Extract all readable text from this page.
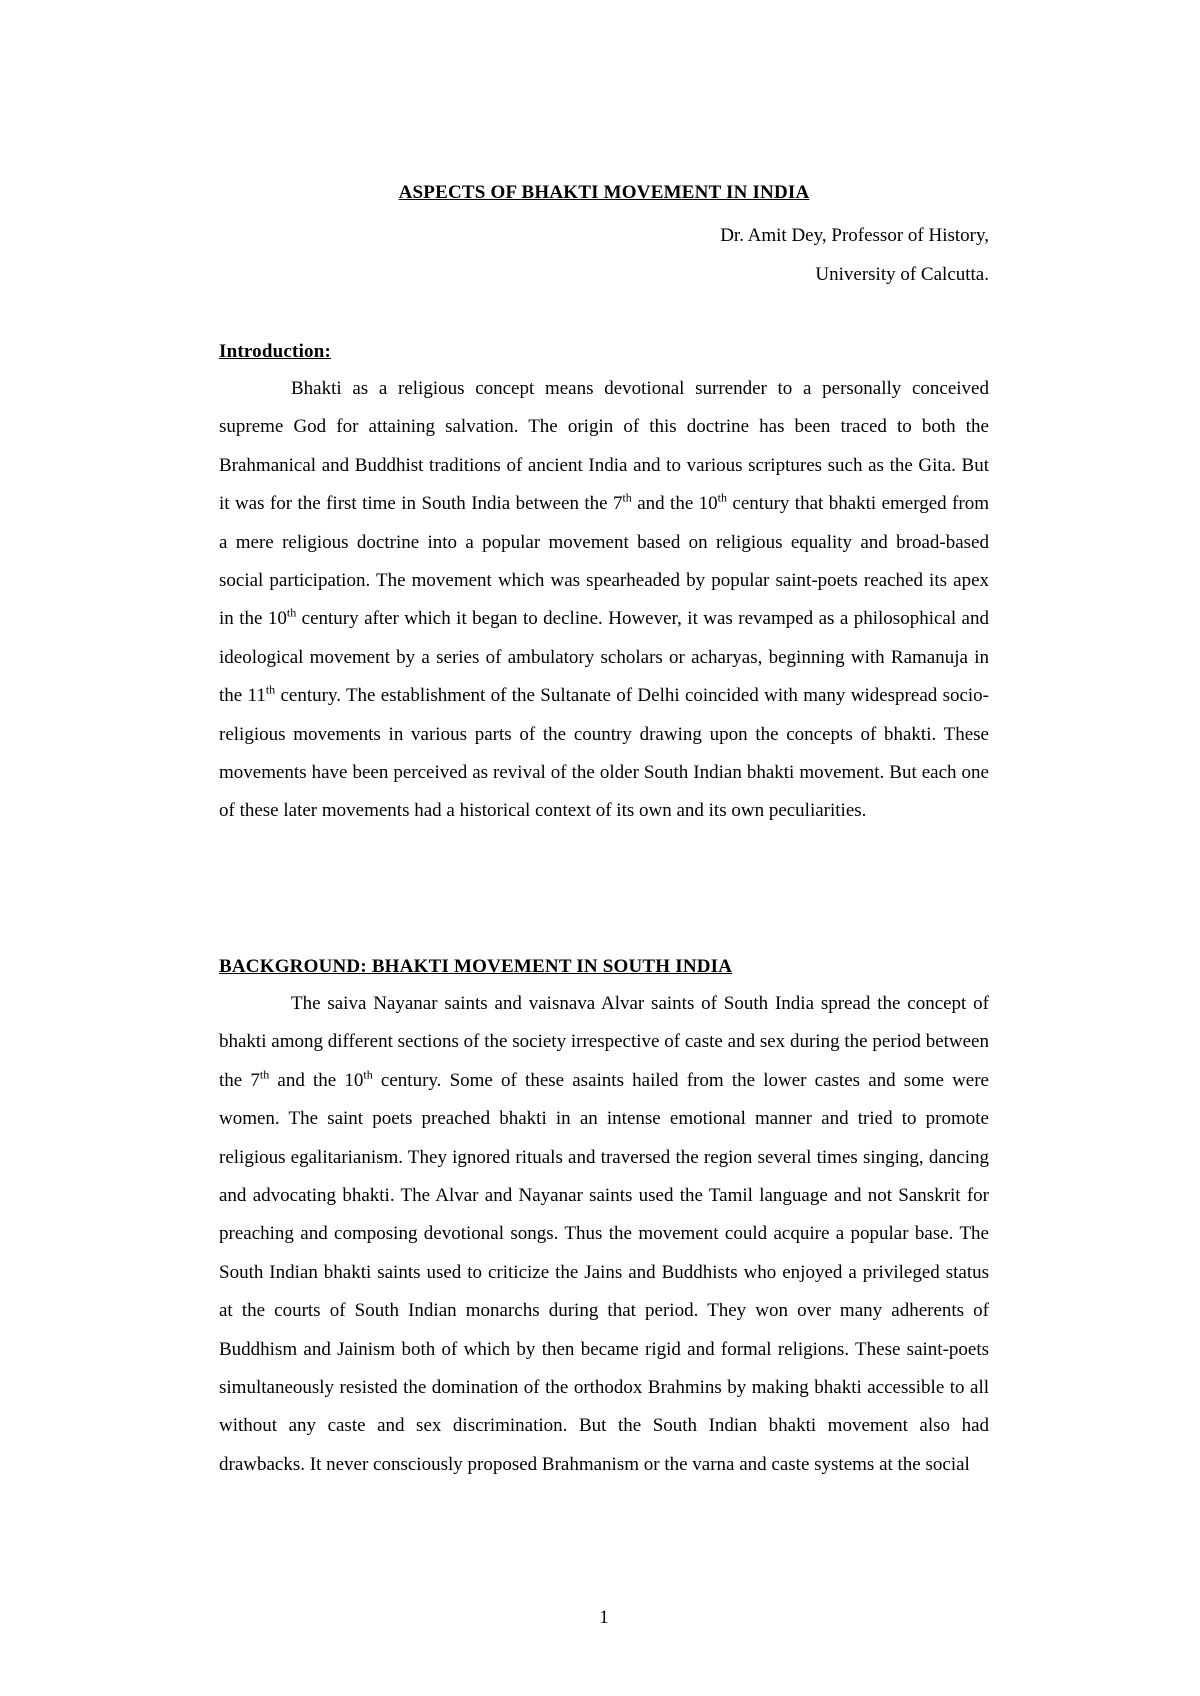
ASPECTS OF BHAKTI MOVEMENT IN INDIA
Dr. Amit Dey, Professor of History,
University of Calcutta.
Introduction:
Bhakti as a religious concept means devotional surrender to a personally conceived supreme God for attaining salvation. The origin of this doctrine has been traced to both the Brahmanical and Buddhist traditions of ancient India and to various scriptures such as the Gita. But it was for the first time in South India between the 7th and the 10th century that bhakti emerged from a mere religious doctrine into a popular movement based on religious equality and broad-based social participation. The movement which was spearheaded by popular saint-poets reached its apex in the 10th century after which it began to decline. However, it was revamped as a philosophical and ideological movement by a series of ambulatory scholars or acharyas, beginning with Ramanuja in the 11th century. The establishment of the Sultanate of Delhi coincided with many widespread socio-religious movements in various parts of the country drawing upon the concepts of bhakti. These movements have been perceived as revival of the older South Indian bhakti movement. But each one of these later movements had a historical context of its own and its own peculiarities.
BACKGROUND: BHAKTI MOVEMENT IN SOUTH INDIA
The saiva Nayanar saints and vaisnava Alvar saints of South India spread the concept of bhakti among different sections of the society irrespective of caste and sex during the period between the 7th and the 10th century. Some of these asaints hailed from the lower castes and some were women. The saint poets preached bhakti in an intense emotional manner and tried to promote religious egalitarianism. They ignored rituals and traversed the region several times singing, dancing and advocating bhakti. The Alvar and Nayanar saints used the Tamil language and not Sanskrit for preaching and composing devotional songs. Thus the movement could acquire a popular base. The South Indian bhakti saints used to criticize the Jains and Buddhists who enjoyed a privileged status at the courts of South Indian monarchs during that period. They won over many adherents of Buddhism and Jainism both of which by then became rigid and formal religions. These saint-poets simultaneously resisted the domination of the orthodox Brahmins by making bhakti accessible to all without any caste and sex discrimination. But the South Indian bhakti movement also had drawbacks. It never consciously proposed Brahmanism or the varna and caste systems at the social
1
